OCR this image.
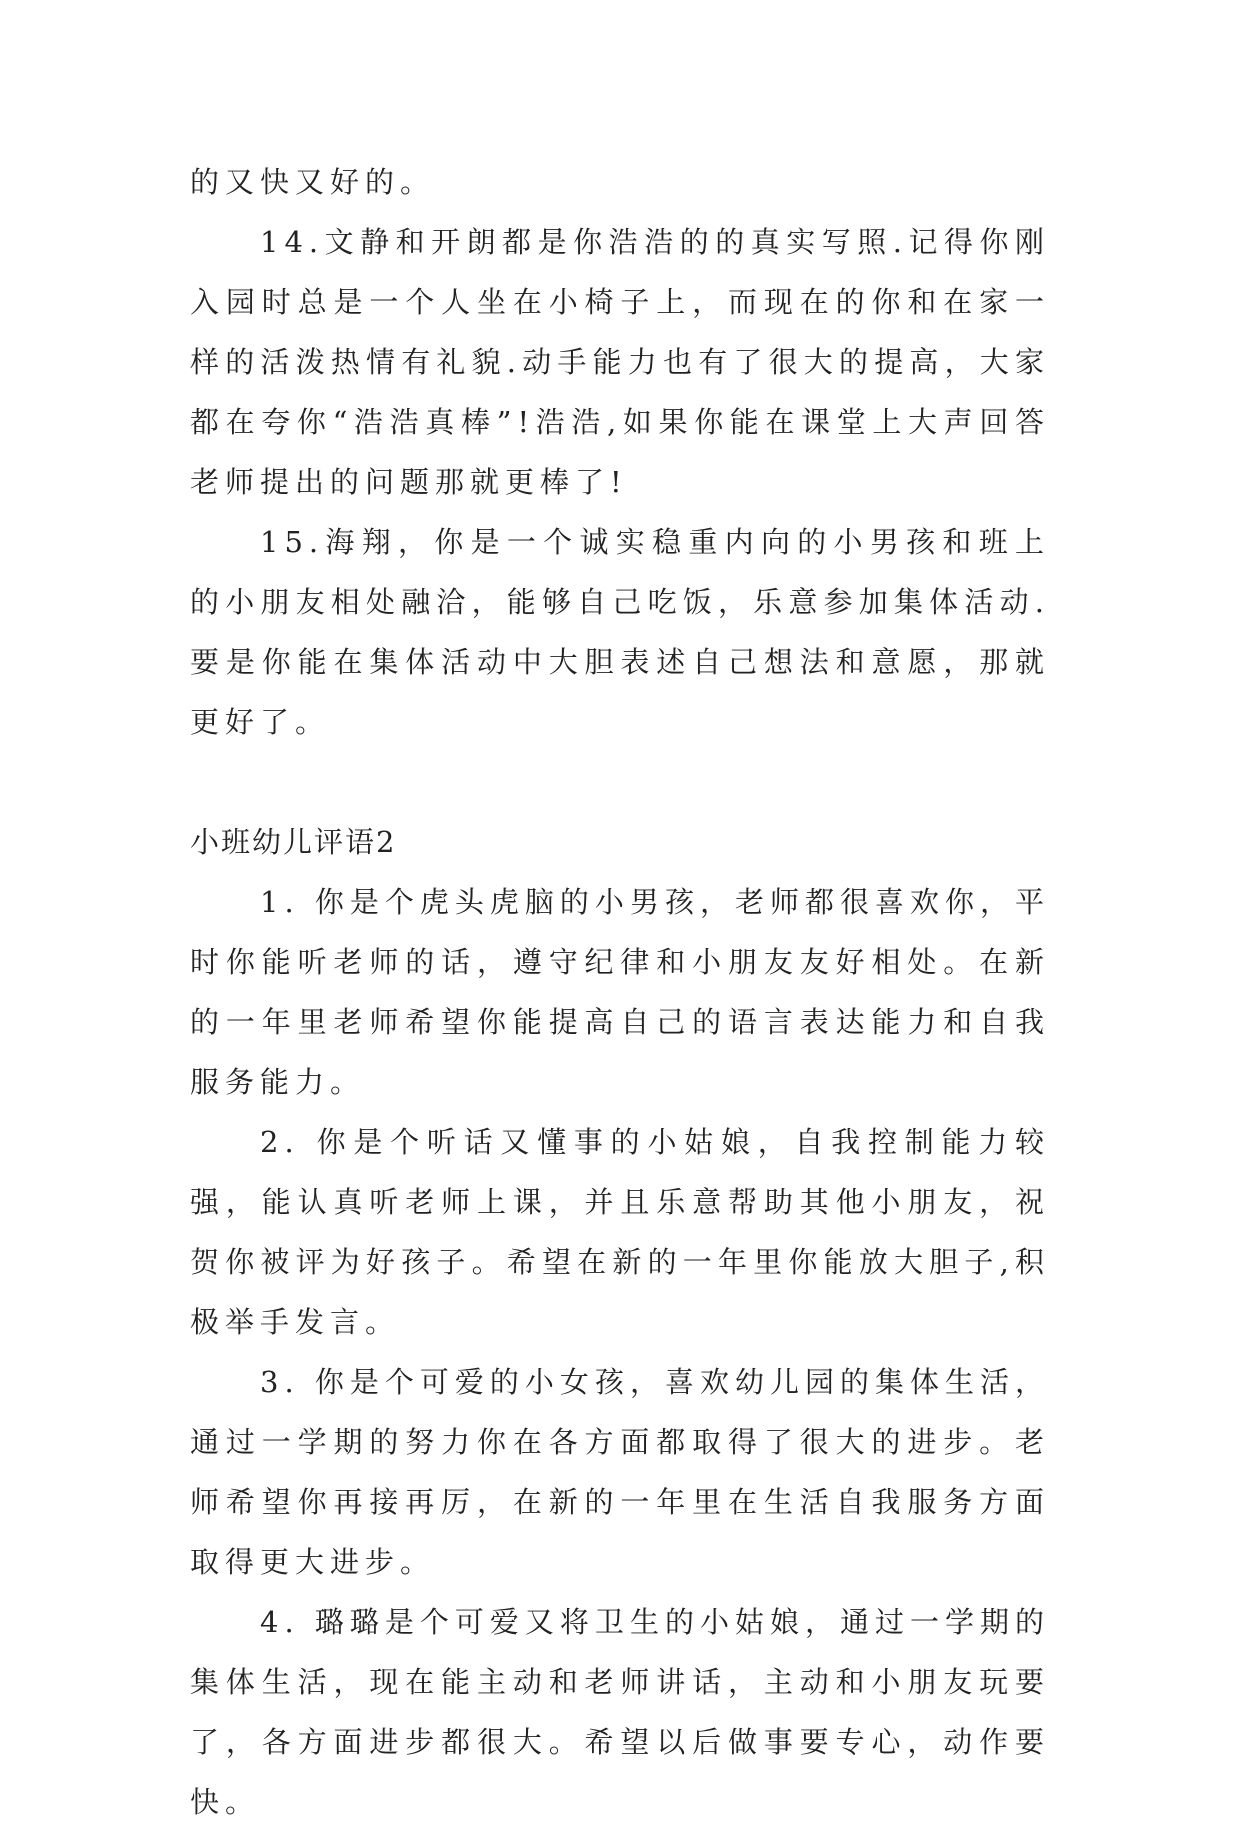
的又快又好的。

14.文静和开朗都是你浩浩的的真实写照.记得你刚入园时总是一个人坐在小椅子上，而现在的你和在家一样的活泼热情有礼貌.动手能力也有了很大的提高，大家都在夸你“浩浩真棒”!浩浩,如果你能在课堂上大声回答老师提出的问题那就更棒了!

15.海翔，你是一个诚实稳重内向的小男孩和班上的小朋友相处融洽，能够自己吃饭，乐意参加集体活动.要是你能在集体活动中大胆表述自己想法和意愿，那就更好了。

小班幼儿评语2

1. 你是个虎头虎脑的小男孩，老师都很喜欢你，平时你能听老师的话，遵守纪律和小朋友友好相处。在新的一年里老师希望你能提高自己的语言表达能力和自我服务能力。

2. 你是个听话又懂事的小姑娘，自我控制能力较强，能认真听老师上课，并且乐意帮助其他小朋友，祝贺你被评为好孩子。希望在新的一年里你能放大胆子,积极举手发言。

3. 你是个可爱的小女孩，喜欢幼儿园的集体生活，通过一学期的努力你在各方面都取得了很大的进步。老师希望你再接再厉，在新的一年里在生活自我服务方面取得更大进步。

4. 璐璐是个可爱又将卫生的小姑娘，通过一学期的集体生活，现在能主动和老师讲话，主动和小朋友玩要了，各方面进步都很大。希望以后做事要专心，动作要快。
